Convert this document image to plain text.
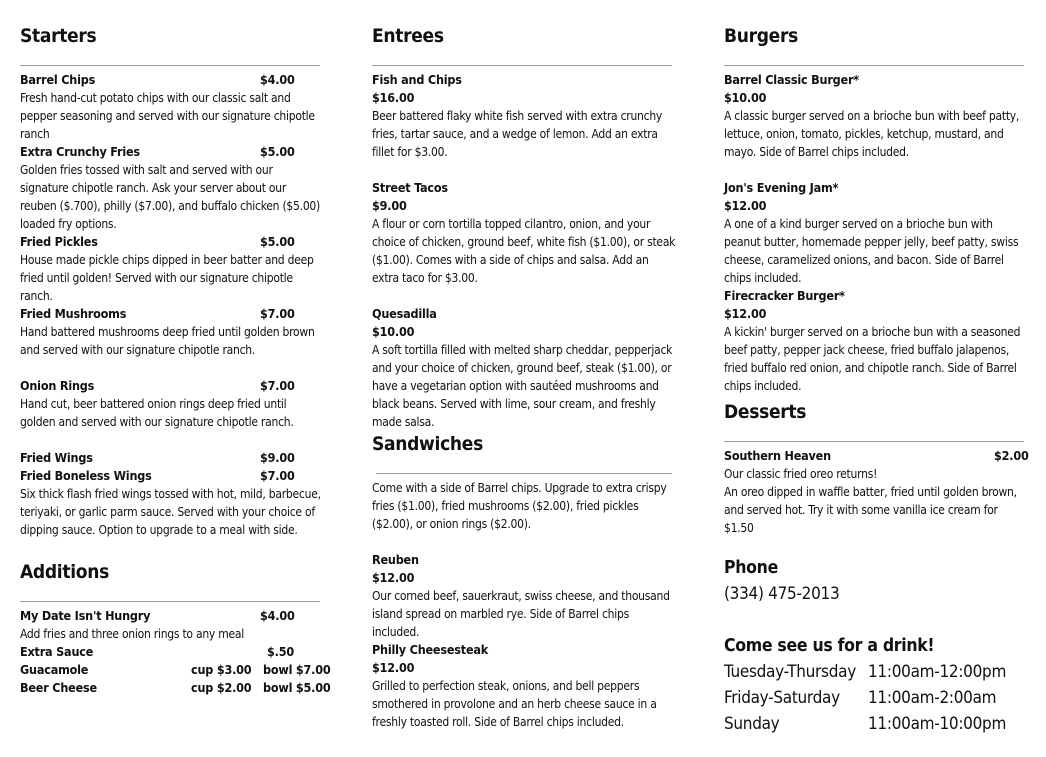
Starters
Barrel Chips	$4.00
Fresh hand-cut potato chips with our classic salt and pepper seasoning and served with our signature chipotle ranch
Extra Crunchy Fries	$5.00
Golden fries tossed with salt and served with our signature chipotle ranch. Ask your server about our reuben ($.700), philly ($7.00), and buffalo chicken ($5.00) loaded fry options.
Fried Pickles	$5.00
House made pickle chips dipped in beer batter and deep fried until golden! Served with our signature chipotle ranch.
Fried Mushrooms	$7.00
Hand battered mushrooms deep fried until golden brown and served with our signature chipotle ranch.
Onion Rings	$7.00
Hand cut, beer battered onion rings deep fried until golden and served with our signature chipotle ranch.
Fried Wings	$9.00
Fried Boneless Wings	$7.00
Six thick flash fried wings tossed with hot, mild, barbecue, teriyaki, or garlic parm sauce. Served with your choice of dipping sauce. Option to upgrade to a meal with side.
Additions
My Date Isn't Hungry	$4.00
Add fries and three onion rings to any meal
Extra Sauce	$.50
Guacamole	cup $3.00 bowl $7.00
Beer Cheese	cup $2.00 bowl $5.00
Entrees
Fish and Chips
$16.00
Beer battered flaky white fish served with extra crunchy fries, tartar sauce, and a wedge of lemon. Add an extra fillet for $3.00.
Street Tacos
$9.00
A flour or corn tortilla topped cilantro, onion, and your choice of chicken, ground beef, white fish ($1.00), or steak ($1.00). Comes with a side of chips and salsa. Add an extra taco for $3.00.
Quesadilla
$10.00
A soft tortilla filled with melted sharp cheddar, pepperjack and your choice of chicken, ground beef, steak ($1.00), or have a vegetarian option with sautéed mushrooms and black beans. Served with lime, sour cream, and freshly made salsa.
Sandwiches
Come with a side of Barrel chips. Upgrade to extra crispy fries ($1.00), fried mushrooms ($2.00), fried pickles ($2.00), or onion rings ($2.00).
Reuben
$12.00
Our corned beef, sauerkraut, swiss cheese, and thousand island spread on marbled rye. Side of Barrel chips included.
Philly Cheesesteak
$12.00
Grilled to perfection steak, onions, and bell peppers smothered in provolone and an herb cheese sauce in a freshly toasted roll. Side of Barrel chips included.
Burgers
Barrel Classic Burger*
$10.00
A classic burger served on a brioche bun with beef patty, lettuce, onion, tomato, pickles, ketchup, mustard, and mayo. Side of Barrel chips included.
Jon's Evening Jam*
$12.00
A one of a kind burger served on a brioche bun with peanut butter, homemade pepper jelly, beef patty, swiss cheese, caramelized onions, and bacon. Side of Barrel chips included.
Firecracker Burger*
$12.00
A kickin' burger served on a brioche bun with a seasoned beef patty, pepper jack cheese, fried buffalo jalapenos, fried buffalo red onion, and chipotle ranch. Side of Barrel chips included.
Desserts
Southern Heaven	$2.00
Our classic fried oreo returns!
An oreo dipped in waffle batter, fried until golden brown, and served hot. Try it with some vanilla ice cream for $1.50
Phone
(334) 475-2013
Come see us for a drink!
Tuesday-Thursday 11:00am-12:00pm
Friday-Saturday 11:00am-2:00am
Sunday	11:00am-10:00pm
